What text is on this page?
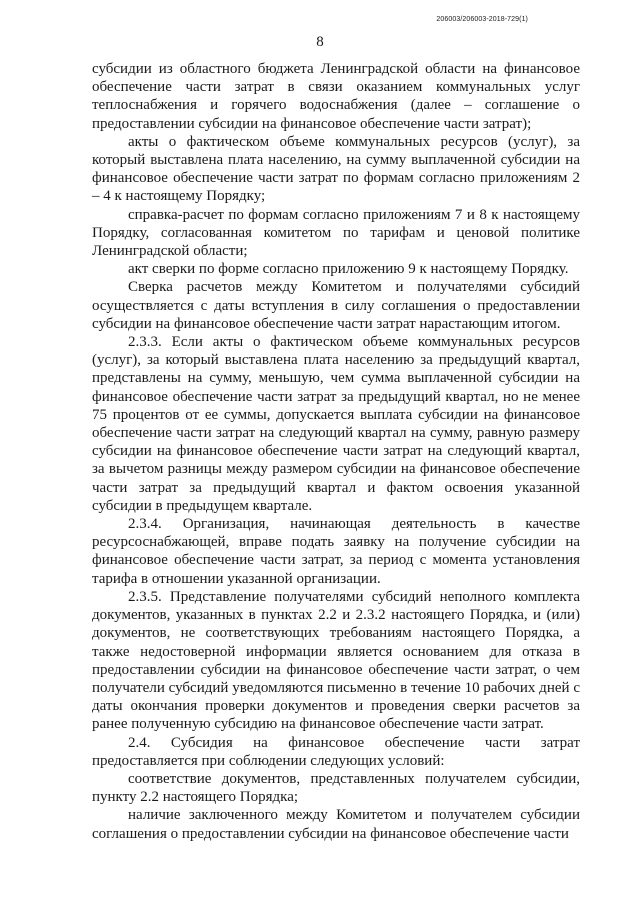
206003/206003-2018-729(1)
8

субсидии из областного бюджета Ленинградской области на финансовое обеспечение части затрат в связи оказанием коммунальных услуг теплоснабжения и горячего водоснабжения (далее – соглашение о предоставлении субсидии на финансовое обеспечение части затрат);

акты о фактическом объеме коммунальных ресурсов (услуг), за который выставлена плата населению, на сумму выплаченной субсидии на финансовое обеспечение части затрат по формам согласно приложениям 2 – 4 к настоящему Порядку;

справка-расчет по формам согласно приложениям 7 и 8 к настоящему Порядку, согласованная комитетом по тарифам и ценовой политике Ленинградской области;

акт сверки по форме согласно приложению 9 к настоящему Порядку.

Сверка расчетов между Комитетом и получателями субсидий осуществляется с даты вступления в силу соглашения о предоставлении субсидии на финансовое обеспечение части затрат нарастающим итогом.

2.3.3. Если акты о фактическом объеме коммунальных ресурсов (услуг), за который выставлена плата населению за предыдущий квартал, представлены на сумму, меньшую, чем сумма выплаченной субсидии на финансовое обеспечение части затрат за предыдущий квартал, но не менее 75 процентов от ее суммы, допускается выплата субсидии на финансовое обеспечение части затрат на следующий квартал на сумму, равную размеру субсидии на финансовое обеспечение части затрат на следующий квартал, за вычетом разницы между размером субсидии на финансовое обеспечение части затрат за предыдущий квартал и фактом освоения указанной субсидии в предыдущем квартале.

2.3.4. Организация, начинающая деятельность в качестве ресурсоснабжающей, вправе подать заявку на получение субсидии на финансовое обеспечение части затрат, за период с момента установления тарифа в отношении указанной организации.

2.3.5. Представление получателями субсидий неполного комплекта документов, указанных в пунктах 2.2 и 2.3.2 настоящего Порядка, и (или) документов, не соответствующих требованиям настоящего Порядка, а также недостоверной информации является основанием для отказа в предоставлении субсидии на финансовое обеспечение части затрат, о чем получатели субсидий уведомляются письменно в течение 10 рабочих дней с даты окончания проверки документов и проведения сверки расчетов за ранее полученную субсидию на финансовое обеспечение части затрат.

2.4. Субсидия на финансовое обеспечение части затрат предоставляется при соблюдении следующих условий:

соответствие документов, представленных получателем субсидии, пункту 2.2 настоящего Порядка;

наличие заключенного между Комитетом и получателем субсидии соглашения о предоставлении субсидии на финансовое обеспечение части
